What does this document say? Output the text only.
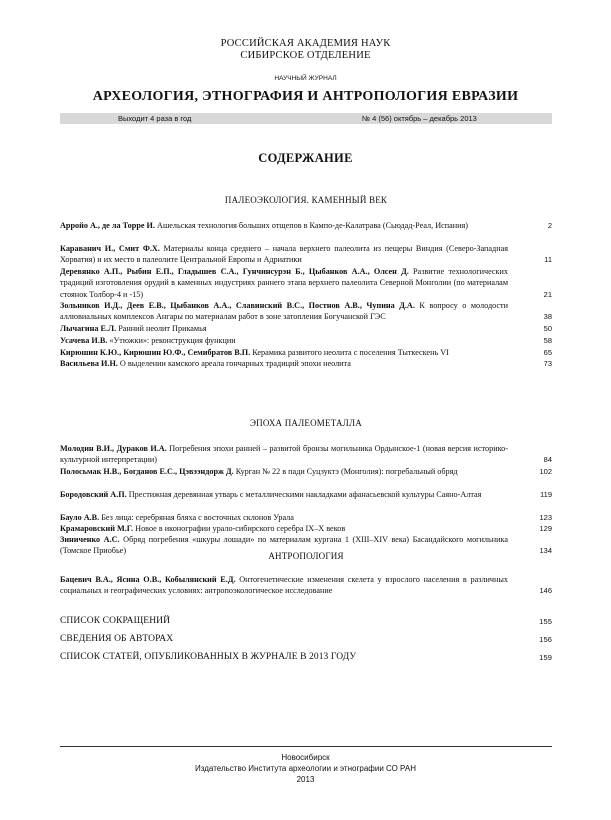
РОССИЙСКАЯ АКАДЕМИЯ НАУК
СИБИРСКОЕ ОТДЕЛЕНИЕ
НАУЧНЫЙ ЖУРНАЛ
АРХЕОЛОГИЯ, ЭТНОГРАФИЯ И АНТРОПОЛОГИЯ ЕВРАЗИИ
Выходит 4 раза в год	№ 4 (56) октябрь – декабрь 2013
СОДЕРЖАНИЕ
ПАЛЕОЭКОЛОГИЯ. КАМЕННЫЙ ВЕК
ЭПОХА ПАЛЕОМЕТАЛЛА
АНТРОПОЛОГИЯ
Арройо А., де ла Торре И. Ашельская технология больших отщепов в Кампо-де-Калатрава (Сьюдад-Реал, Испания)	2
Караванич И., Смит Ф.Х. Материалы конца среднего – начала верхнего палеолита из пещеры Виндия (Северо-Западная Хорватия) и их место в палеолите Центральной Европы и Адриатики	11
Деревянко А.П., Рыбин Е.П., Гладышев С.А., Гунчинсурэн Б., Цыбанков А.А., Олсен Д. Развитие технологических традиций изготовления орудий в каменных индустриях раннего этапа верхнего палеолита Северной Монголии (по материалам стоянок Толбор-4 и -15)	21
Зольников И.Д., Деев Е.В., Цыбанков А.А., Славинский В.С., Постнов А.В., Чупина Д.А. К вопросу о молодости аллювиальных комплексов Ангары по материалам работ в зоне затопления Богучанской ГЭС	38
Лычагина Е.Л. Ранний неолит Прикамья	50
Усачева И.В. «Утюжки»: реконструкция функции	58
Кирюшин К.Ю., Кирюшин Ю.Ф., Семибратов В.П. Керамика развитого неолита с поселения Тыткескень VI	65
Васильева И.Н. О выделении камского ареала гончарных традиций эпохи неолита	73
Молодин В.И., Дураков И.А. Погребения эпохи ранней – развитой бронзы могильника Ордынское-1 (новая версия историко-культурной интерпретации)	84
Полосьмак Н.В., Богданов Е.С., Цэвээндорж Д. Курган № 22 в пади Суцзуктэ (Монголия): погребальный обряд	102
Бородовский А.П. Престижная деревянная утварь с металлическими накладками афанасьевской культуры Саяно-Алтая	119
Бауло А.В. Без лица: серебряная бляха с восточных склонов Урала	123
Крамаровский М.Г. Новое в иконографии урало-сибирского серебра IX–X веков	129
Зиниченко А.С. Обряд погребения «шкуры лошади» по материалам кургана 1 (XIII–XIV века) Басандайского могильника (Томское Приобье)	134
Бацевич В.А., Ясина О.В., Кобылянский Е.Д. Онтогенетические изменения скелета у взрослого населения в различных социальных и географических условиях: антропоэкологическое исследование	146
СПИСОК СОКРАЩЕНИЙ	155
СВЕДЕНИЯ ОБ АВТОРАХ	156
СПИСОК СТАТЕЙ, ОПУБЛИКОВАННЫХ В ЖУРНАЛЕ В 2013 ГОДУ	159
Новосибирск
Издательство Института археологии и этнографии СО РАН
2013
